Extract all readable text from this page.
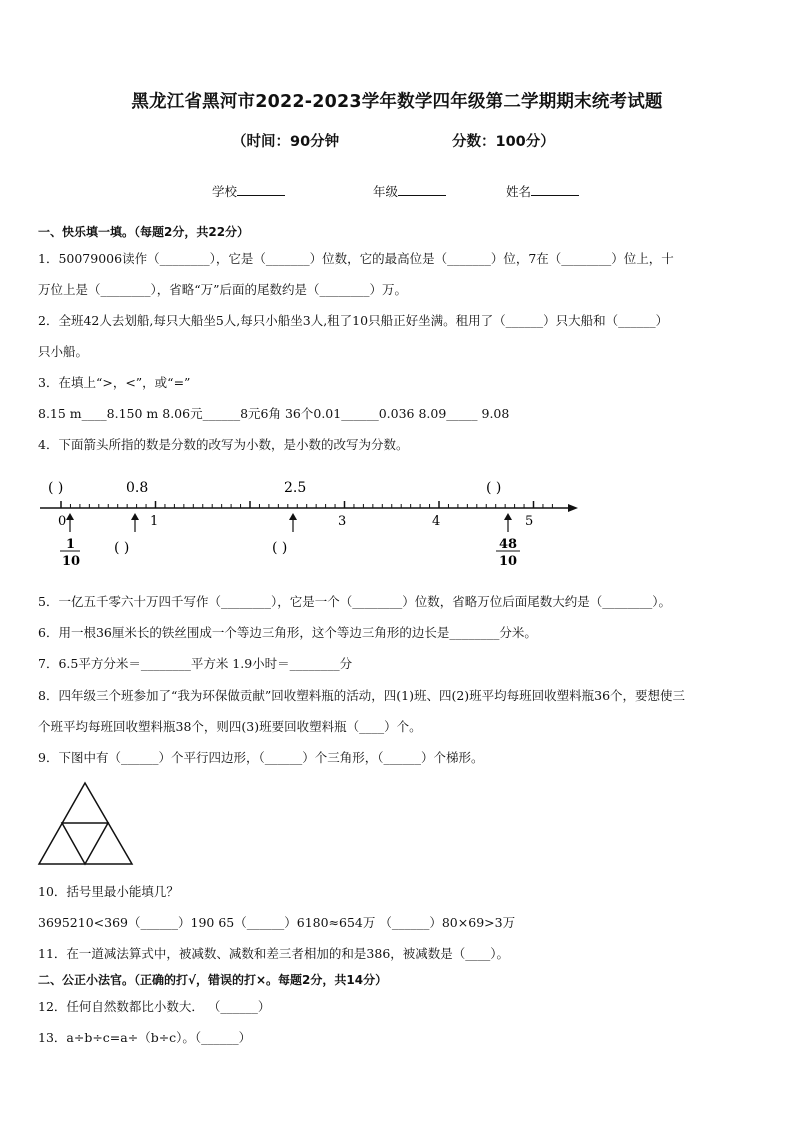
黑龙江省黑河市2022-2023学年数学四年级第二学期期末统考试题
（时间：90分钟	分数：100分）
学校	年级	姓名
一、快乐填一填。（每题2分，共22分）
1．50079006读作（________），它是（_______）位数，它的最高位是（_______）位，7在（________）位上，十
万位上是（________），省略“万”后面的尾数约是（________）万。
2．全班42人去划船,每只大船坐5人,每只小船坐3人,租了10只船正好坐满。租用了（______）只大船和（______）
只小船。
3．在填上“>，<”，或“=”
8.15 m____8.150 m 8.06元______8元6角 36个0.01______0.036 8.09_____ 9.08
4．下面箭头所指的数是分数的改写为小数，是小数的改写为分数。
( )	0.8	2.5	( )
0	1	3	4	5
1
10
( )	( )	48
10
5．一亿五千零六十万四千写作（________），它是一个（________）位数，省略万位后面尾数大约是（________）。
6．用一根36厘米长的铁丝围成一个等边三角形，这个等边三角形的边长是________分米。
7．6.5平方分米＝________平方米 1.9小时＝________分
8．四年级三个班参加了“我为环保做贡献”回收塑料瓶的活动，四(1)班、四(2)班平均每班回收塑料瓶36个，要想使三
个班平均每班回收塑料瓶38个，则四(3)班要回收塑料瓶（____）个。
9．下图中有（______）个平行四边形，（______）个三角形，（______）个梯形。
10．括号里最小能填几？
3695210<369（______）190 65（______）6180≈654万 （______）80×69>3万
11．在一道减法算式中，被减数、减数和差三者相加的和是386，被减数是（____）。
二、公正小法官。（正确的打√，错误的打×。每题2分，共14分）
12．任何自然数都比小数大． （______）
13．a÷b÷c=a÷（b÷c）。（______）
